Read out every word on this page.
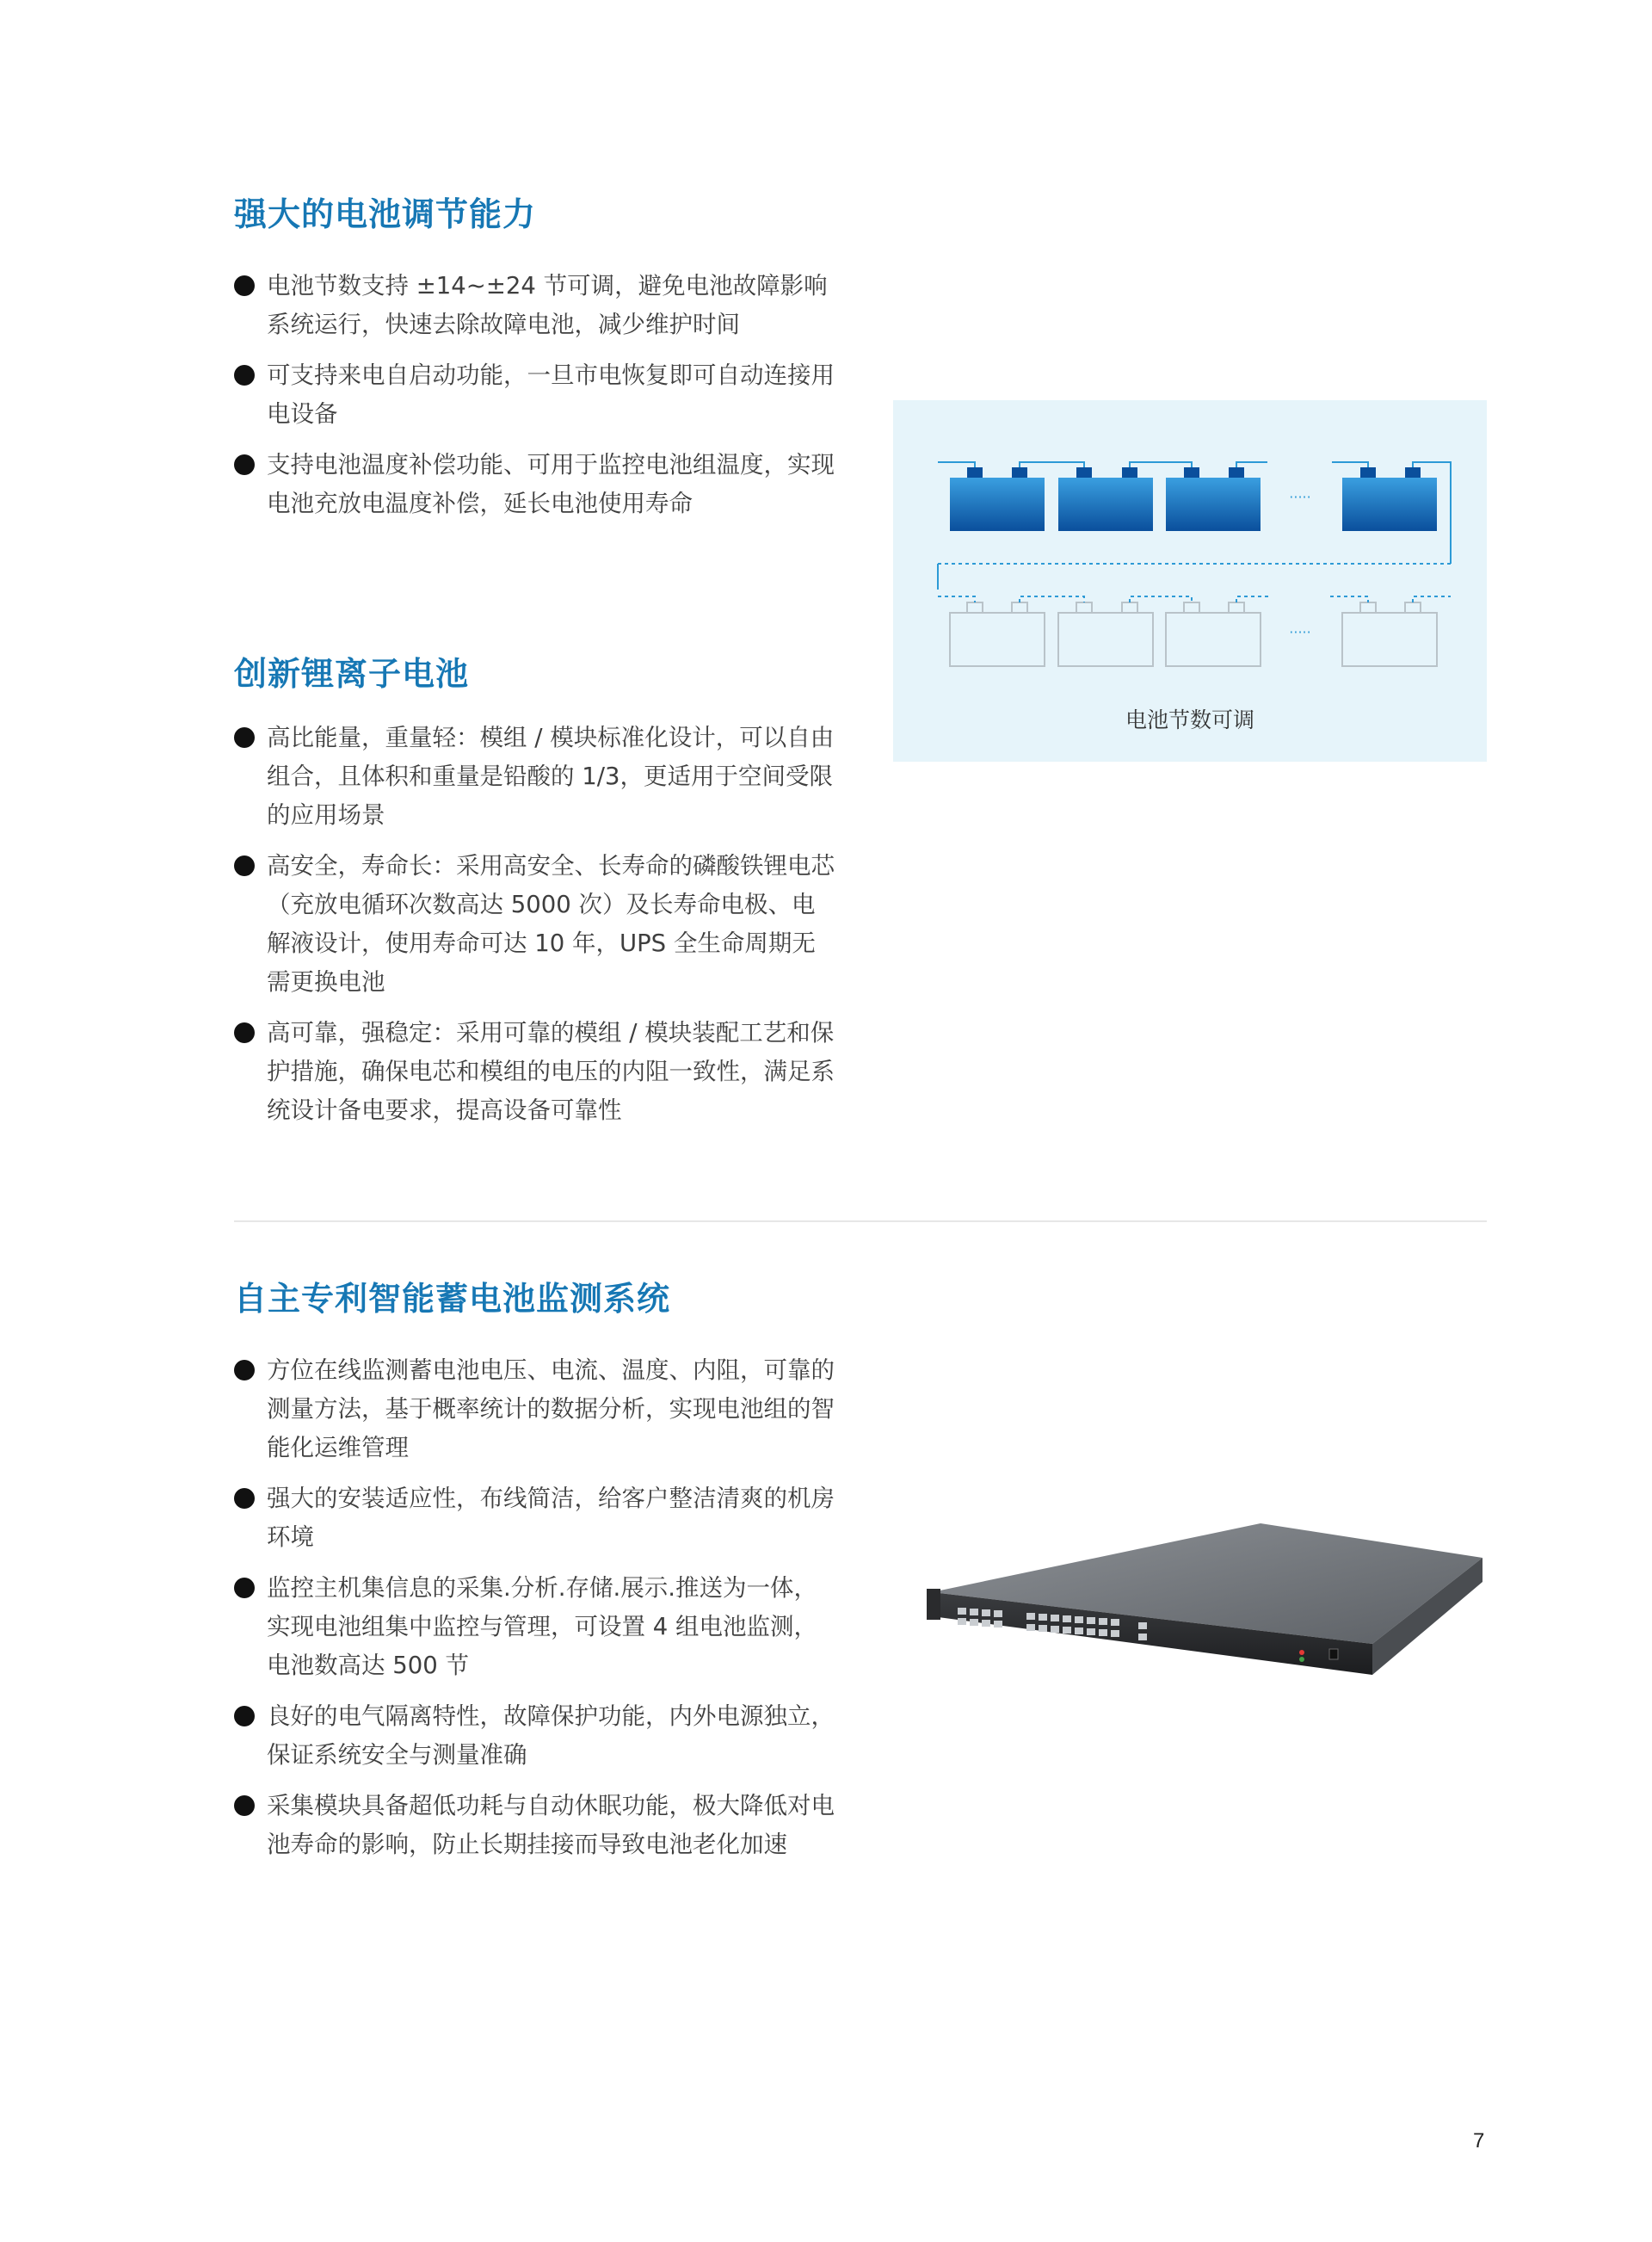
强大的电池调节能力
电池节数支持 ±14~±24 节可调，避免电池故障影响系统运行，快速去除故障电池，减少维护时间
可支持来电自启动功能，一旦市电恢复即可自动连接用电设备
支持电池温度补偿功能、可用于监控电池组温度，实现电池充放电温度补偿，延长电池使用寿命
创新锂离子电池
高比能量，重量轻：模组 / 模块标准化设计，可以自由组合，且体积和重量是铅酸的 1/3，更适用于空间受限的应用场景
高安全，寿命长：采用高安全、长寿命的磷酸铁锂电芯（充放电循环次数高达 5000 次）及长寿命电极、电解液设计，使用寿命可达 10 年，UPS 全生命周期无需更换电池
高可靠，强稳定：采用可靠的模组 / 模块装配工艺和保护措施，确保电芯和模组的电压的内阻一致性，满足系统设计备电要求，提高设备可靠性
自主专利智能蓄电池监测系统
方位在线监测蓄电池电压、电流、温度、内阻，可靠的测量方法，基于概率统计的数据分析，实现电池组的智能化运维管理
强大的安装适应性，布线简洁，给客户整洁清爽的机房环境
监控主机集信息的采集.分析.存储.展示.推送为一体，实现电池组集中监控与管理，可设置 4 组电池监测，电池数高达 500 节
良好的电气隔离特性，故障保护功能，内外电源独立，保证系统安全与测量准确
采集模块具备超低功耗与自动休眠功能，极大降低对电池寿命的影响，防止长期挂接而导致电池老化加速
·····
·····
电池节数可调
7
